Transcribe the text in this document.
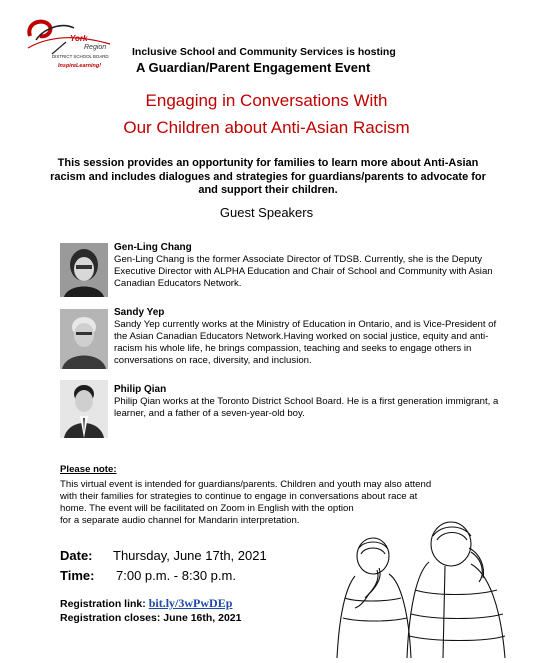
York
Region
DISTRICT SCHOOL BOARD
InspireLearning!
Inclusive School and Community Services is hosting
A Guardian/Parent Engagement Event
Engaging in Conversations With
Our Children about Anti-Asian Racism
This session provides an opportunity for families to learn more about Anti-Asian racism and includes dialogues and strategies for guardians/parents to advocate for and support their children.
Guest Speakers
Gen-Ling Chang
Gen-Ling Chang is the former Associate Director of TDSB. Currently, she is the Deputy Executive Director with ALPHA Education and Chair of School and Community with Asian Canadian Educators Network.
Sandy Yep
Sandy Yep currently works at the Ministry of Education in Ontario, and is Vice-President of the Asian Canadian Educators Network.Having worked on social justice, equity and anti-racism his whole life, he brings compassion, teaching and seeks to engage others in conversations on race, diversity, and inclusion.
Philip Qian
Philip Qian works at the Toronto District School Board. He is a first generation immigrant, a learner, and a father of a seven-year-old boy.
Please note:
This virtual event is intended for guardians/parents. Children and youth may also attend
with their families for strategies to continue to engage in conversations about race at
home. The event will be facilitated on Zoom in English with the option
for a separate audio channel for Mandarin interpretation.
Date: Thursday, June 17th, 2021
Time: 7:00 p.m. - 8:30 p.m.
Registration link: bit.ly/3wPwDEp
Registration closes: June 16th, 2021
